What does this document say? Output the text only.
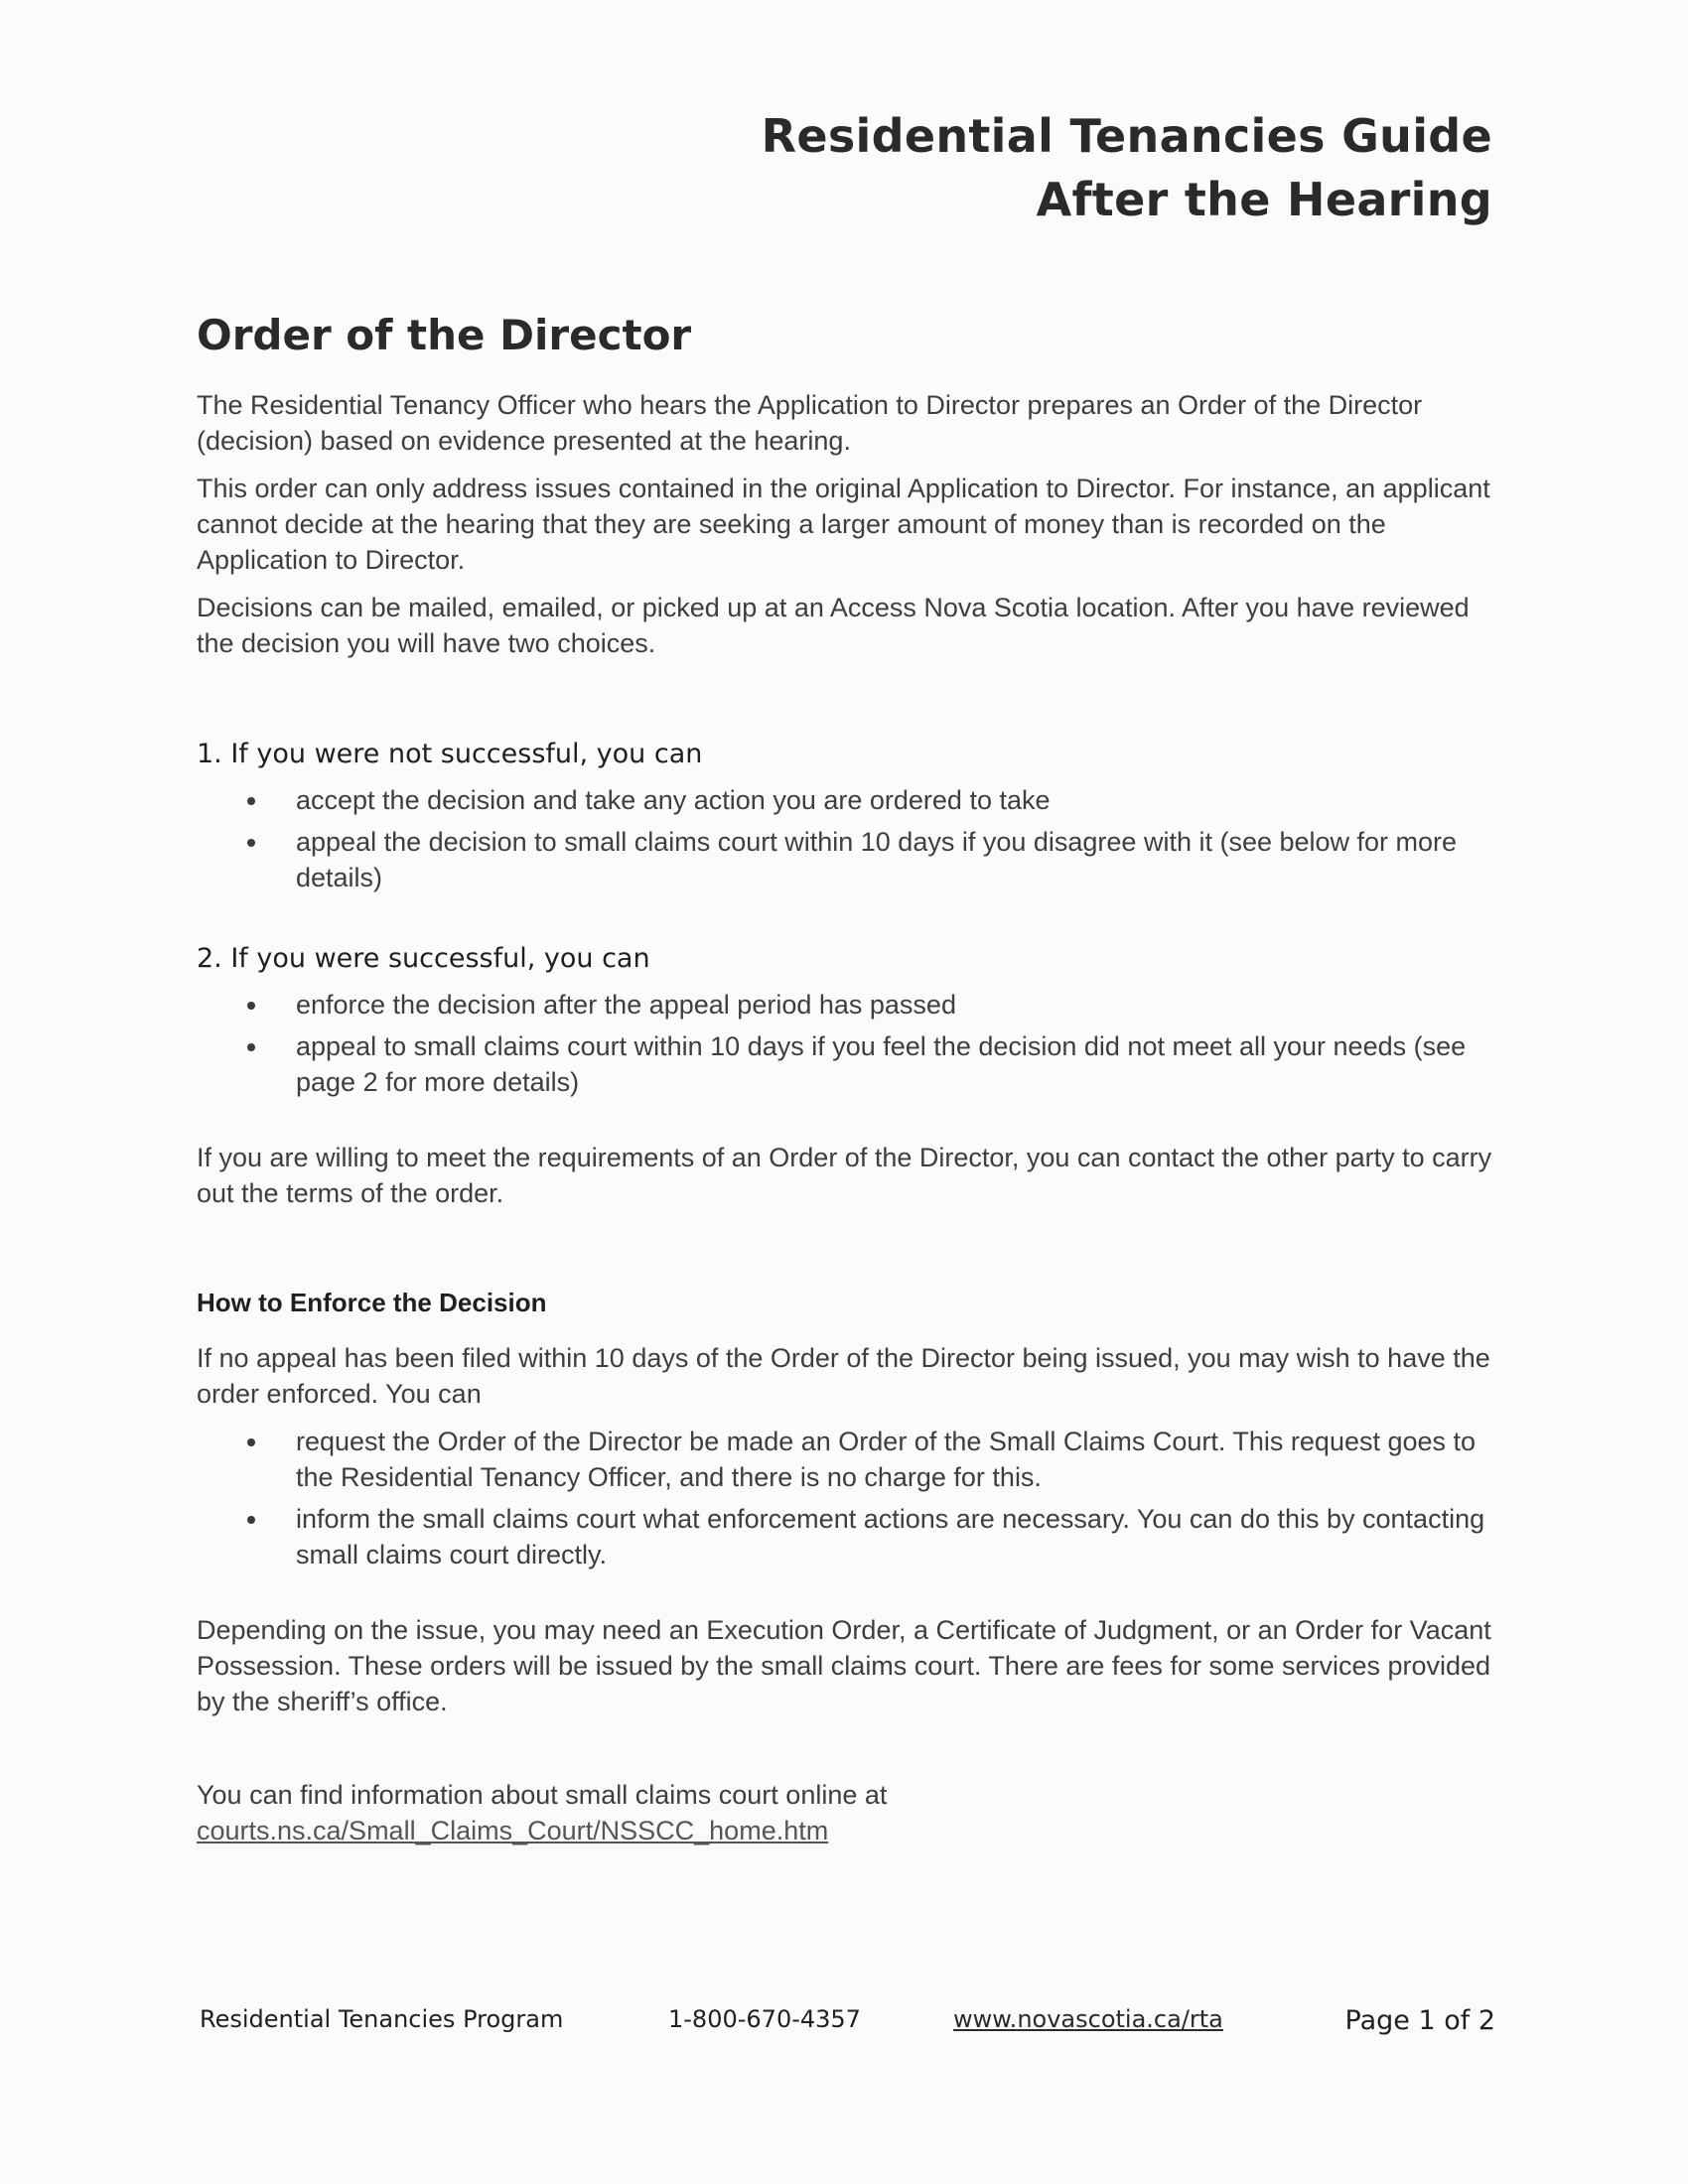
Residential Tenancies Guide
After the Hearing
Order of the Director

The Residential Tenancy Officer who hears the Application to Director prepares an Order of the Director (decision) based on evidence presented at the hearing.

This order can only address issues contained in the original Application to Director. For instance, an applicant cannot decide at the hearing that they are seeking a larger amount of money than is recorded on the Application to Director.

Decisions can be mailed, emailed, or picked up at an Access Nova Scotia location. After you have reviewed the decision you will have two choices.

1. If you were not successful, you can
accept the decision and take any action you are ordered to take
appeal the decision to small claims court within 10 days if you disagree with it (see below for more details)
2. If you were successful, you can
enforce the decision after the appeal period has passed
appeal to small claims court within 10 days if you feel the decision did not meet all your needs (see page 2 for more details)

If you are willing to meet the requirements of an Order of the Director, you can contact the other party to carry out the terms of the order.

How to Enforce the Decision

If no appeal has been filed within 10 days of the Order of the Director being issued, you may wish to have the order enforced. You can

request the Order of the Director be made an Order of the Small Claims Court. This request goes to the Residential Tenancy Officer, and there is no charge for this.
inform the small claims court what enforcement actions are necessary. You can do this by contacting small claims court directly.

Depending on the issue, you may need an Execution Order, a Certificate of Judgment, or an Order for Vacant Possession. These orders will be issued by the small claims court. There are fees for some services provided by the sheriff’s office.

You can find information about small claims court online at courts.ns.ca/Small_Claims_Court/NSSCC_home.htm

Residential Tenancies Program	1-800-670-4357	www.novascotia.ca/rta	Page 1 of 2
